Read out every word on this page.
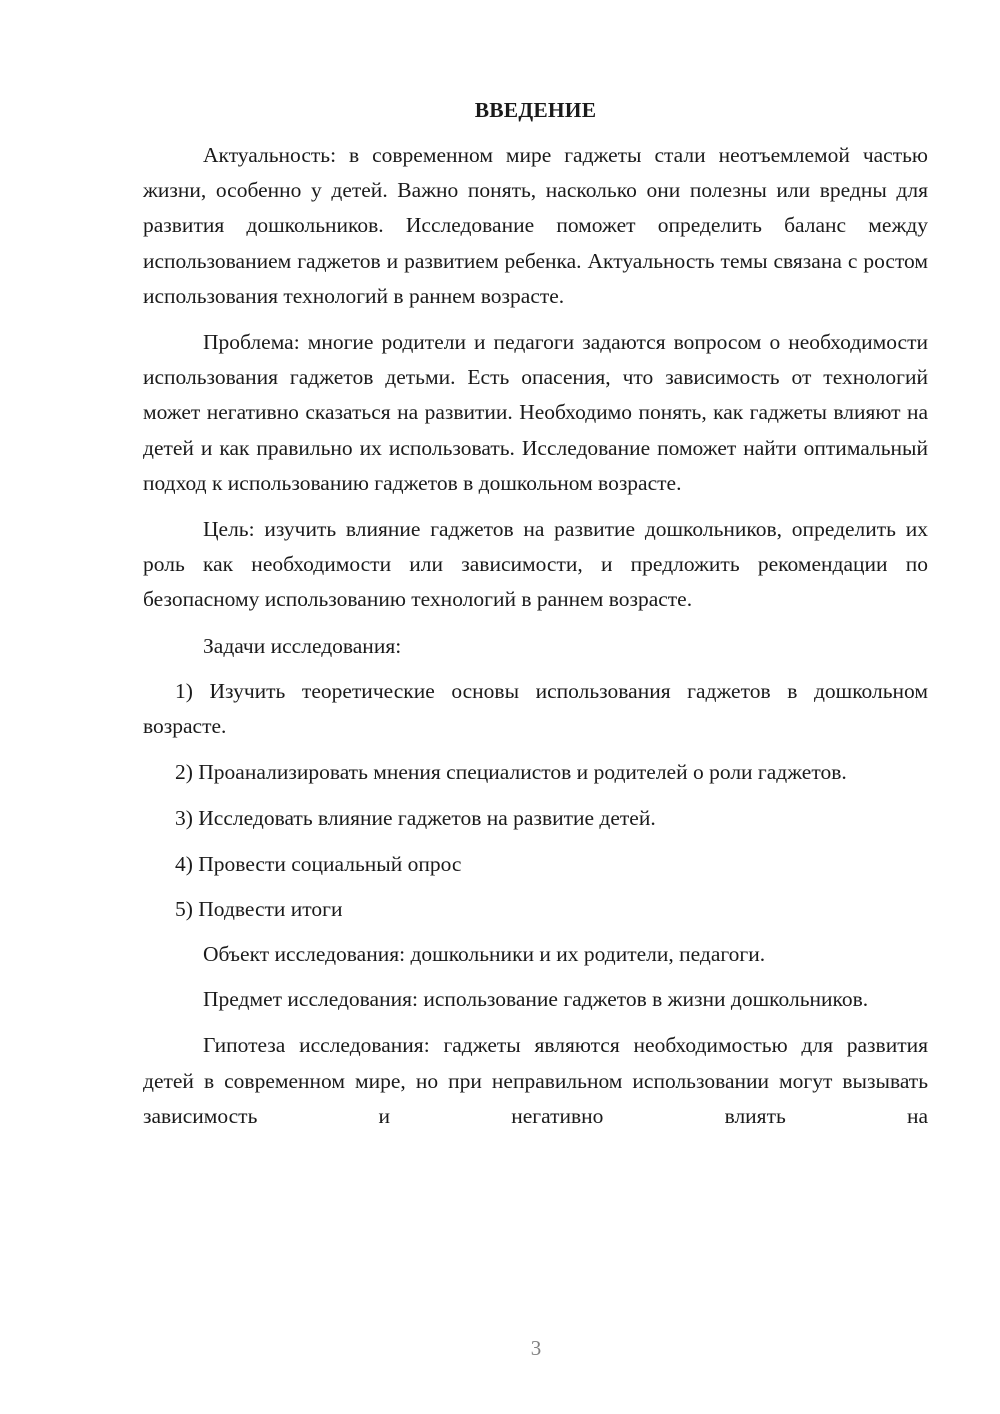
ВВЕДЕНИЕ

Актуальность: в современном мире гаджеты стали неотъемлемой частью жизни, особенно у детей. Важно понять, насколько они полезны или вредны для развития дошкольников. Исследование поможет определить баланс между использованием гаджетов и развитием ребенка. Актуальность темы связана с ростом использования технологий в раннем возрасте.

Проблема: многие родители и педагоги задаются вопросом о необходимости использования гаджетов детьми. Есть опасения, что зависимость от технологий может негативно сказаться на развитии. Необходимо понять, как гаджеты влияют на детей и как правильно их использовать. Исследование поможет найти оптимальный подход к использованию гаджетов в дошкольном возрасте.

Цель: изучить влияние гаджетов на развитие дошкольников, определить их роль как необходимости или зависимости, и предложить рекомендации по безопасному использованию технологий в раннем возрасте.

Задачи исследования:

1) Изучить теоретические основы использования гаджетов в дошкольном возрасте.

2) Проанализировать мнения специалистов и родителей о роли гаджетов.

3) Исследовать влияние гаджетов на развитие детей.

4) Провести социальный опрос

5) Подвести итоги

Объект исследования: дошкольники и их родители, педагоги.

Предмет исследования: использование гаджетов в жизни дошкольников.

Гипотеза исследования: гаджеты являются необходимостью для развития детей в современном мире, но при неправильном использовании могут вызывать зависимость и негативно влиять на

3
